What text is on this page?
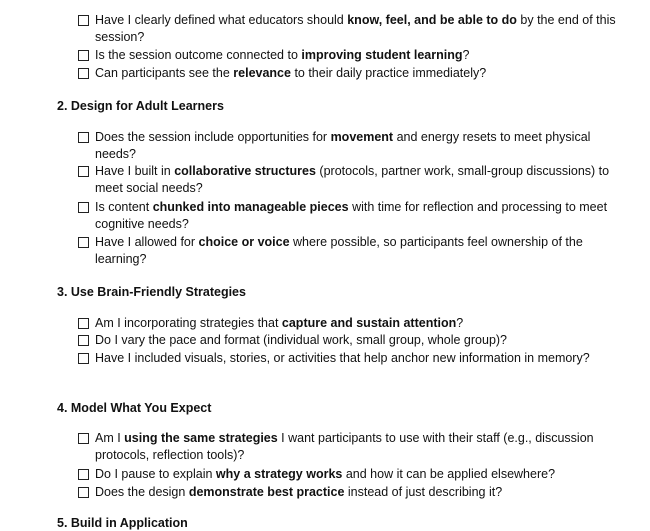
Have I clearly defined what educators should know, feel, and be able to do by the end of this session?
Is the session outcome connected to improving student learning?
Can participants see the relevance to their daily practice immediately?
2. Design for Adult Learners
Does the session include opportunities for movement and energy resets to meet physical needs?
Have I built in collaborative structures (protocols, partner work, small-group discussions) to meet social needs?
Is content chunked into manageable pieces with time for reflection and processing to meet cognitive needs?
Have I allowed for choice or voice where possible, so participants feel ownership of the learning?
3. Use Brain-Friendly Strategies
Am I incorporating strategies that capture and sustain attention?
Do I vary the pace and format (individual work, small group, whole group)?
Have I included visuals, stories, or activities that help anchor new information in memory?
4. Model What You Expect
Am I using the same strategies I want participants to use with their staff (e.g., discussion protocols, reflection tools)?
Do I pause to explain why a strategy works and how it can be applied elsewhere?
Does the design demonstrate best practice instead of just describing it?
5. Build in Application
